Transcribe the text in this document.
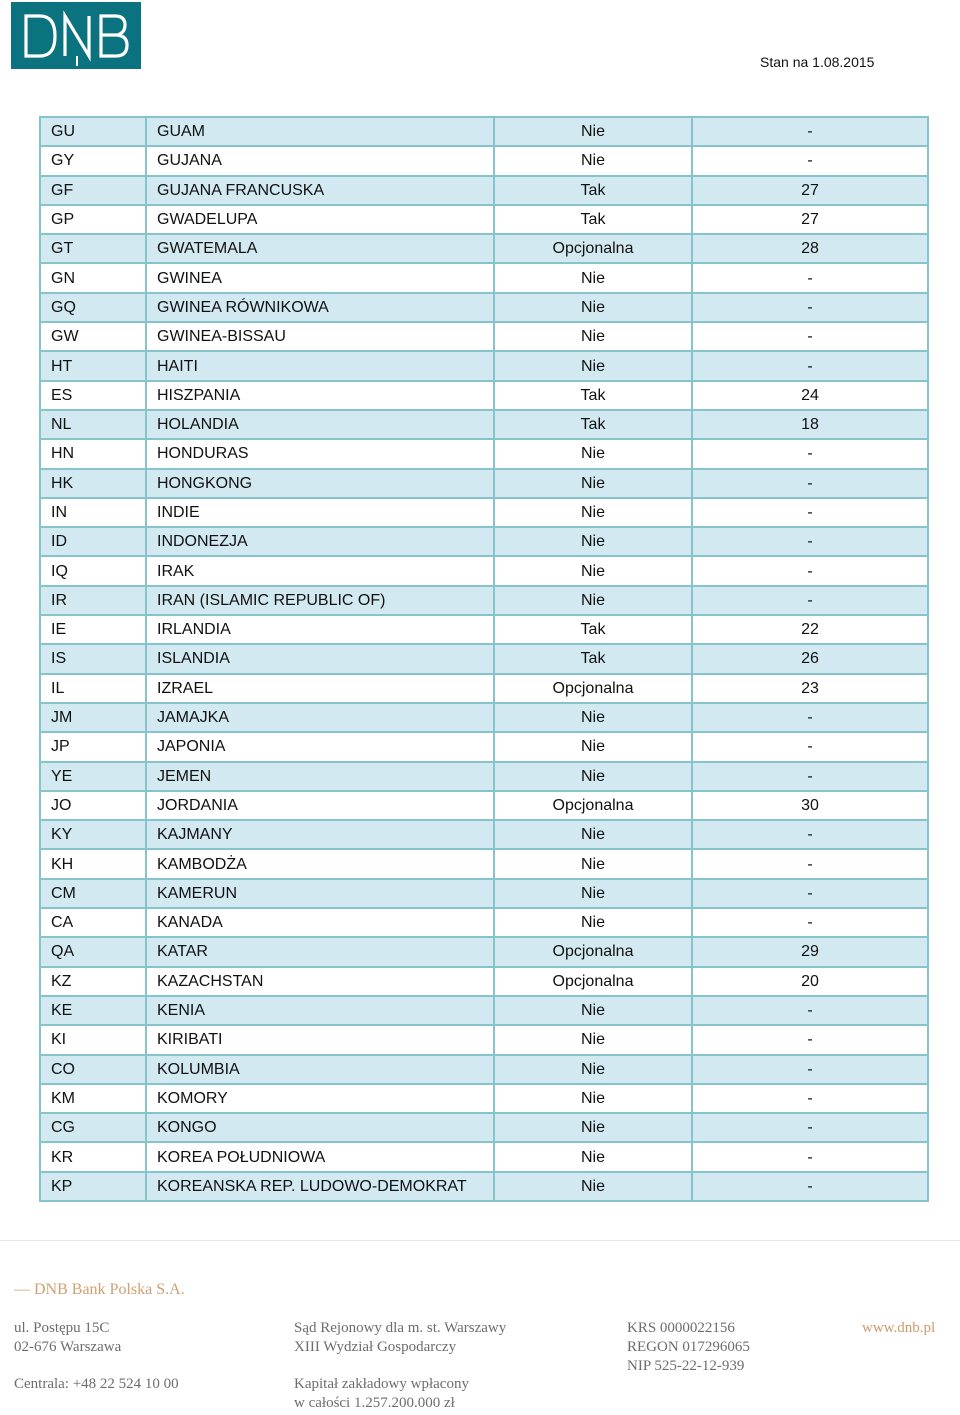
Stan na 1.08.2015
GU	GUAM	Nie	-
GY	GUJANA	Nie	-
GF	GUJANA FRANCUSKA	Tak	27
GP	GWADELUPA	Tak	27
GT	GWATEMALA	Opcjonalna	28
GN	GWINEA	Nie	-
GQ	GWINEA RÓWNIKOWA	Nie	-
GW	GWINEA-BISSAU	Nie	-
HT	HAITI	Nie	-
ES	HISZPANIA	Tak	24
NL	HOLANDIA	Tak	18
HN	HONDURAS	Nie	-
HK	HONGKONG	Nie	-
IN	INDIE	Nie	-
ID	INDONEZJA	Nie	-
IQ	IRAK	Nie	-
IR	IRAN (ISLAMIC REPUBLIC OF)	Nie	-
IE	IRLANDIA	Tak	22
IS	ISLANDIA	Tak	26
IL	IZRAEL	Opcjonalna	23
JM	JAMAJKA	Nie	-
JP	JAPONIA	Nie	-
YE	JEMEN	Nie	-
JO	JORDANIA	Opcjonalna	30
KY	KAJMANY	Nie	-
KH	KAMBODŻA	Nie	-
CM	KAMERUN	Nie	-
CA	KANADA	Nie	-
QA	KATAR	Opcjonalna	29
KZ	KAZACHSTAN	Opcjonalna	20
KE	KENIA	Nie	-
KI	KIRIBATI	Nie	-
CO	KOLUMBIA	Nie	-
KM	KOMORY	Nie	-
CG	KONGO	Nie	-
KR	KOREA POŁUDNIOWA	Nie	-
KP	KOREANSKA REP. LUDOWO-DEMOKRAT	Nie	-
— DNB Bank Polska S.A.
ul. Postępu 15C
02-676 Warszawa
Centrala: +48 22 524 10 00
Sąd Rejonowy dla m. st. Warszawy
XIII Wydział Gospodarczy
Kapitał zakładowy wpłacony
w całości 1.257.200.000 zł
KRS 0000022156
REGON 017296065
NIP 525-22-12-939
www.dnb.pl
